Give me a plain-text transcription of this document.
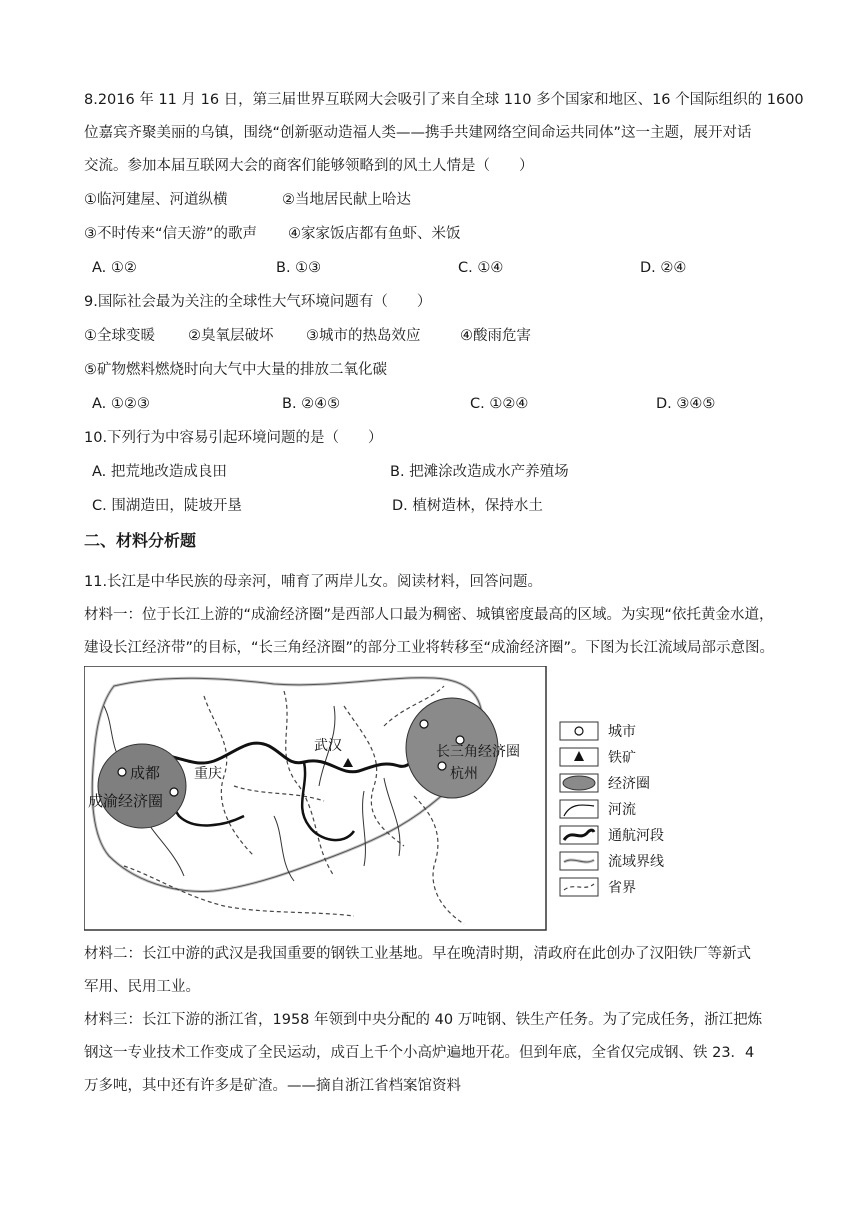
8.2016 年 11 月 16 日，第三届世界互联网大会吸引了来自全球 110 多个国家和地区、16 个国际组织的 1600
位嘉宾齐聚美丽的乌镇，围绕“创新驱动造福人类——携手共建网络空间命运共同体”这一主题，展开对话
交流。参加本届互联网大会的商客们能够领略到的风土人情是（　　）
①临河建屋、河道纵横	②当地居民献上哈达
③不时传来“信天游”的歌声 ④家家饭店都有鱼虾、米饭
A. ①②	B. ①③	C. ①④	D. ②④
9.国际社会最为关注的全球性大气环境问题有（　　）
①全球变暖 ②臭氧层破坏 ③城市的热岛效应	④酸雨危害
⑤矿物燃料燃烧时向大气中大量的排放二氧化碳
A. ①②③	B. ②④⑤	C. ①②④	D. ③④⑤
10.下列行为中容易引起环境问题的是（　　）
A. 把荒地改造成良田	B. 把滩涂改造成水产养殖场
C. 围湖造田，陡坡开垦	D. 植树造林，保持水土
二、材料分析题
11.长江是中华民族的母亲河，哺育了两岸儿女。阅读材料，回答问题。
材料一：位于长江上游的“成渝经济圈”是西部人口最为稠密、城镇密度最高的区域。为实现“依托黄金水道，
建设长江经济带”的目标，“长三角经济圈”的部分工业将转移至“成渝经济圈”。下图为长江流域局部示意图。
成都 重庆
成渝经济圈
武汉	长三角经济圈
杭州
城市
铁矿
经济圈
河流
通航河段
流域界线
省界
材料二：长江中游的武汉是我国重要的钢铁工业基地。早在晚清时期，清政府在此创办了汉阳铁厂等新式
军用、民用工业。
材料三：长江下游的浙江省，1958 年领到中央分配的 40 万吨钢、铁生产任务。为了完成任务，浙江把炼
钢这一专业技术工作变成了全民运动，成百上千个小高炉遍地开花。但到年底，全省仅完成钢、铁 23．4
万多吨，其中还有许多是矿渣。——摘自浙江省档案馆资料
